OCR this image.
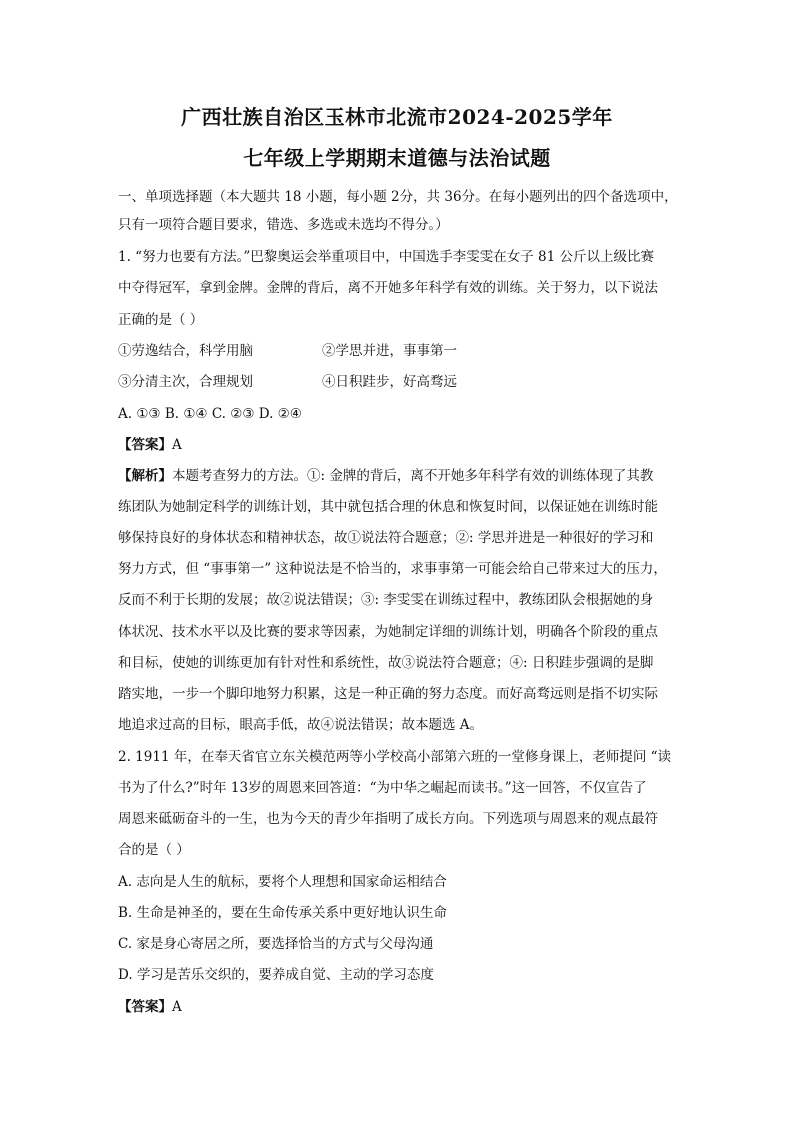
广西壮族自治区玉林市北流市2024-2025学年
七年级上学期期末道德与法治试题
一、单项选择题（本大题共 18 小题，每小题 2分，共 36分。在每小题列出的四个备选项中，
只有一项符合题目要求，错选、多选或未选均不得分。）
1. “努力也要有方法。”巴黎奥运会举重项目中，中国选手李雯雯在女子 81 公斤以上级比赛
中夺得冠军，拿到金牌。金牌的背后，离不开她多年科学有效的训练。关于努力，以下说法
正确的是（ ）
①劳逸结合，科学用脑	②学思并进，事事第一
③分清主次，合理规划	④日积跬步，好高骛远
A. ①③ B. ①④ C. ②③ D. ②④
【答案】A
【解析】本题考查努力的方法。①: 金牌的背后，离不开她多年科学有效的训练体现了其教
练团队为她制定科学的训练计划，其中就包括合理的休息和恢复时间，以保证她在训练时能
够保持良好的身体状态和精神状态，故①说法符合题意；②: 学思并进是一种很好的学习和
努力方式，但 “事事第一” 这种说法是不恰当的，求事事第一可能会给自己带来过大的压力，
反而不利于长期的发展；故②说法错误；③: 李雯雯在训练过程中，教练团队会根据她的身
体状况、技术水平以及比赛的要求等因素，为她制定详细的训练计划，明确各个阶段的重点
和目标，使她的训练更加有针对性和系统性，故③说法符合题意；④: 日积跬步强调的是脚
踏实地，一步一个脚印地努力积累，这是一种正确的努力态度。而好高骛远则是指不切实际
地追求过高的目标，眼高手低，故④说法错误；故本题选 A。
2. 1911 年，在奉天省官立东关模范两等小学校高小部第六班的一堂修身课上，老师提问 “读
书为了什么?”时年 13岁的周恩来回答道：“为中华之崛起而读书。”这一回答，不仅宣告了
周恩来砥砺奋斗的一生，也为今天的青少年指明了成长方向。下列选项与周恩来的观点最符
合的是（ ）
A. 志向是人生的航标，要将个人理想和国家命运相结合
B. 生命是神圣的，要在生命传承关系中更好地认识生命
C. 家是身心寄居之所，要选择恰当的方式与父母沟通
D. 学习是苦乐交织的，要养成自觉、主动的学习态度
【答案】A
